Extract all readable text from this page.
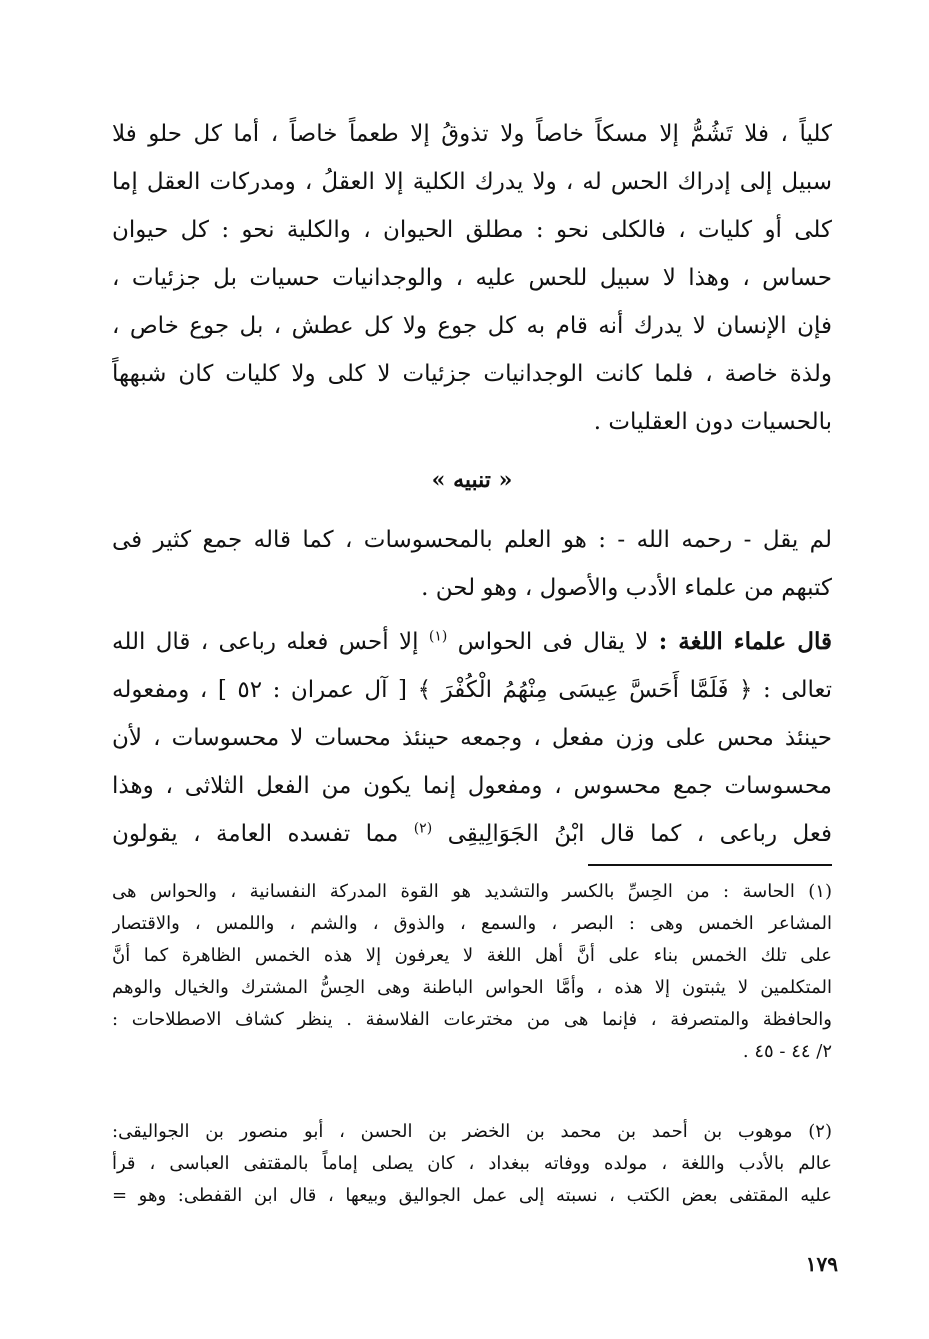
كلياً ، فلا تَشُمُّ إلا مسكاً خاصاً ولا تذوقُ إلا طعماً خاصاً ، أما كل حلو فلا
سبيل إلى إدراك الحس له ، ولا يدرك الكلية إلا العقلُ ، ومدركات العقل إما
كلى أو كليات ، فالكلى نحو : مطلق الحيوان ، والكلية نحو : كل حيوان
حساس ، وهذا لا سبيل للحس عليه ، والوجدانيات حسيات بل جزئيات ،
فإن الإنسان لا يدرك أنه قام به كل جوع ولا كل عطش ، بل جوع خاص ،
ولذة خاصة ، فلما كانت الوجدانيات جزئيات لا كلى ولا كليات كان شبههاً
بالحسيات دون العقليات .
« تنبيه »
لم يقل - رحمه الله - : هو العلم بالمحسوسات ، كما قاله جمع كثير فى
كتبهم من علماء الأدب والأصول ، وهو لحن .
قال علماء اللغة : لا يقال فى الحواس $^{(١)}$ إلا أحس فعله رباعى ، قال الله
تعالى : ﴿ فَلَمَّا أَحَسَّ عِيسَى مِنْهُمُ الْكُفْرَ ﴾ [ آل عمران : ٥٢ ] ، ومفعوله
حينئذ محس على وزن مفعل ، وجمعه حينئذ محسات لا محسوسات ، لأن
محسوسات جمع محسوس ، ومفعول إنما يكون من الفعل الثلاثى ، وهذا
فعل رباعى ، كما قال ابْنُ الجَوَالِيقِى $^{(٢)}$ مما تفسده العامة ، يقولون
(١) الحاسة : من الحِسِّ بالكسر والتشديد هو القوة المدركة النفسانية ، والحواس هى
المشاعر الخمس وهى : البصر ، والسمع ، والذوق ، والشم ، واللمس ، والاقتصار
على تلك الخمس بناء على أنَّ أهل اللغة لا يعرفون إلا هذه الخمس الظاهرة كما أنَّ
المتكلمين لا يثبتون إلا هذه ، وأمَّا الحواس الباطنة وهى الحِسُّ المشترك والخيال والوهم
والحافظة والمتصرفة ، فإنما هى من مخترعات الفلاسفة . ينظر كشاف الاصطلاحات :
٢/ ٤٤ - ٤٥ .
(٢) موهوب بن أحمد بن محمد بن الخضر بن الحسن ، أبو منصور بن الجواليقى:
عالم بالأدب واللغة ، مولده ووفاته ببغداد ، كان يصلى إماماً بالمقتفى العباسى ، قرأ
عليه المقتفى بعض الكتب ، نسبته إلى عمل الجواليق وبيعها ، قال ابن القفطى: وهو =
١٧٩
